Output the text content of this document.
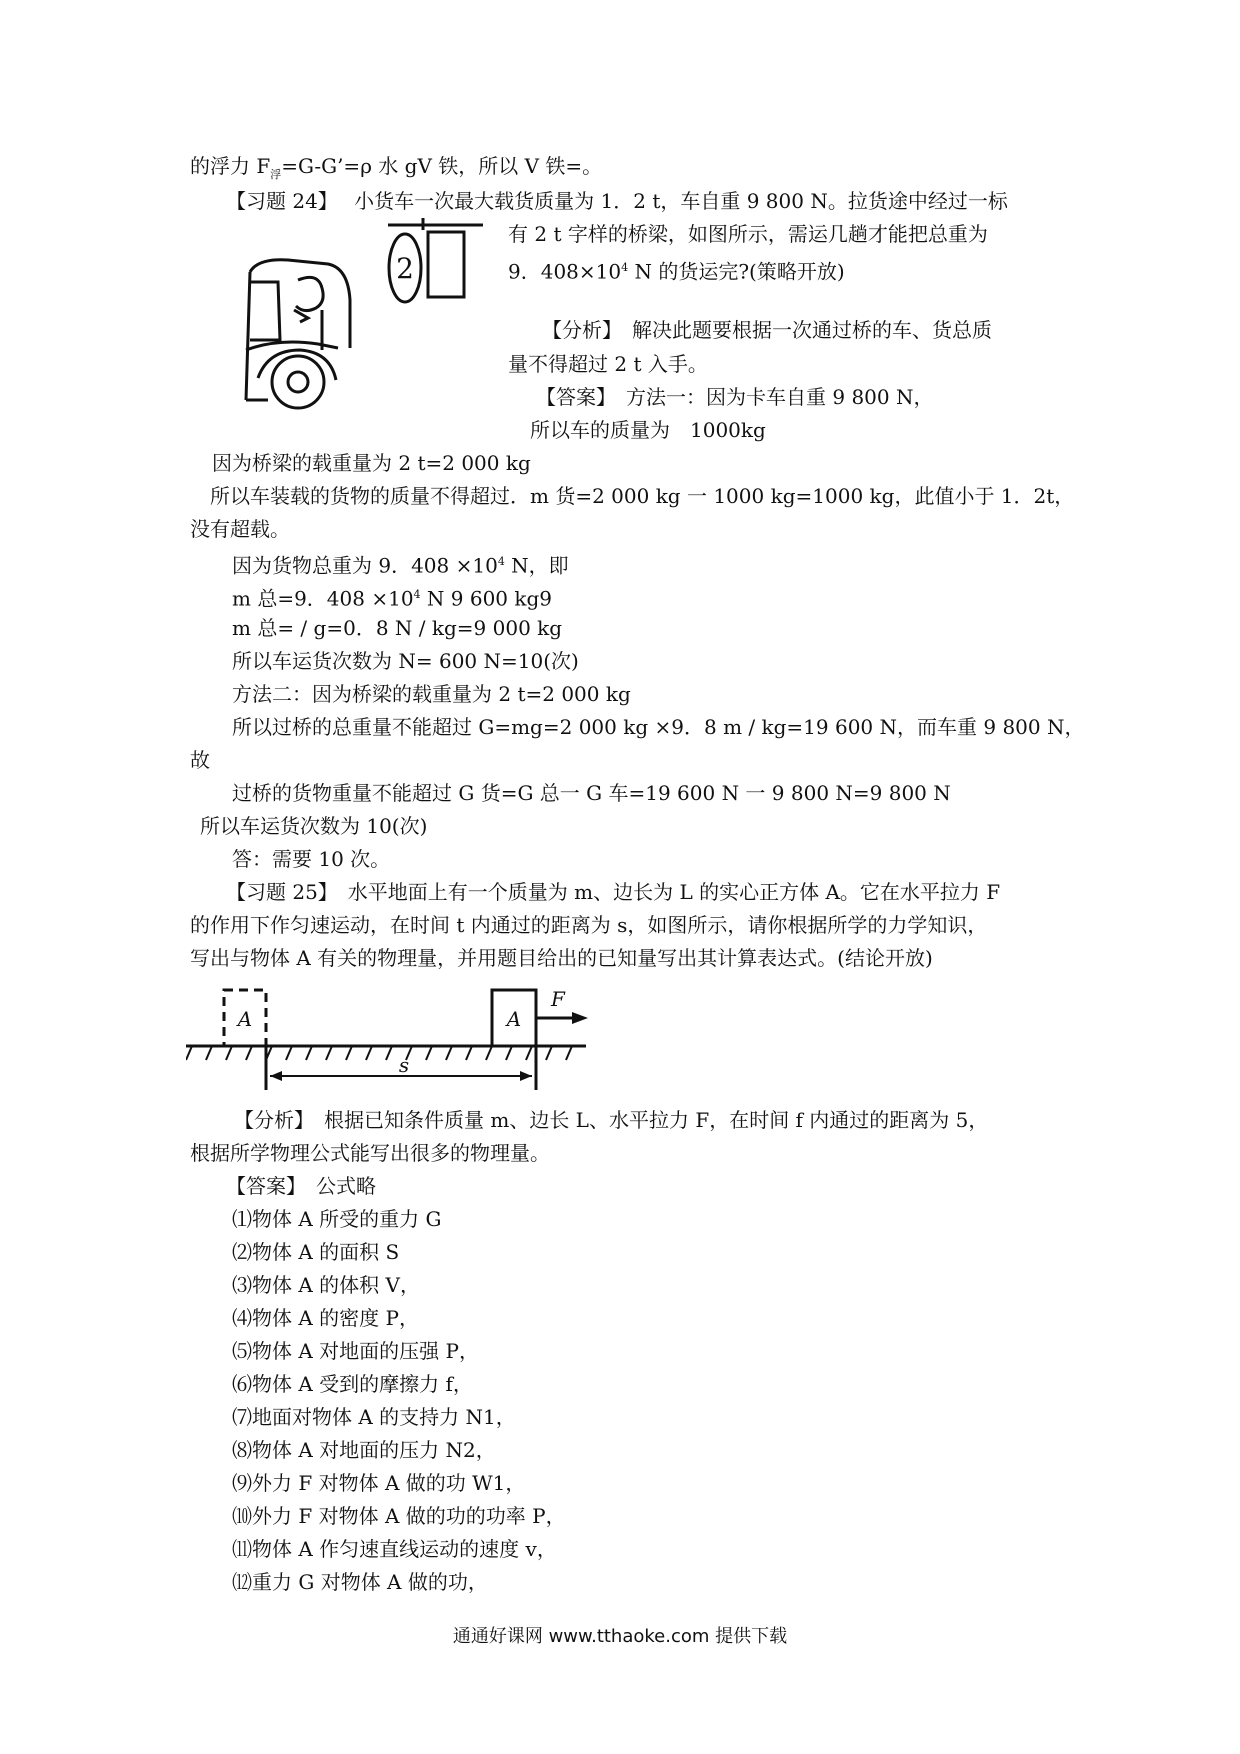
的浮力 $F_浮=G-G’=\rho$ 水 gV 铁，所以 V 铁=。
【习题 24】　 小货车一次最大载货质量为 1．2 t，车自重 9 800 N。拉货途中经过一标
有 2 t 字样的桥梁，如图所示，需运几趟才能把总重为
9．$408\times 10^4$ N 的货运完?(策略开放)
2
【分析】　解决此题要根据一次通过桥的车、货总质
量不得超过 2 t 入手。
【答案】　方法一：因为卡车自重 9 800 N，
所以车的质量为　1000kg
因为桥梁的载重量为 2 t=2 000 kg
所以车装载的货物的质量不得超过．m 货=2 000 kg 一 1000 kg=1000 kg，此值小于 1．2t，
没有超载。
因为货物总重为 9．$408 \times 10^4$ N，即
m 总=9．$408 \times 10^4$ N 9 600 kg9
m 总= / g=0．8 N / kg=9 000 kg
所以车运货次数为 N= 600 N=10(次)
方法二：因为桥梁的载重量为 2 t=2 000 kg
所以过桥的总重量不能超过 G=mg=2 000 kg ×9．8 m / kg=19 600 N，而车重 9 800 N，
故
过桥的货物重量不能超过 G 货=G 总一 G 车=19 600 N 一 9 800 N=9 800 N
所以车运货次数为 10(次)
答：需要 10 次。
【习题 25】　水平地面上有一个质量为 m、边长为 L 的实心正方体 A。它在水平拉力 F
的作用下作匀速运动，在时间 t 内通过的距离为 s，如图所示，请你根据所学的力学知识，
写出与物体 A 有关的物理量，并用题目给出的已知量写出其计算表达式。(结论开放)
A	A
F
s
【分析】　根据已知条件质量 m、边长 L、水平拉力 F，在时间 f 内通过的距离为 5，
根据所学物理公式能写出很多的物理量。
【答案】　公式略
⑴物体 A 所受的重力 G
⑵物体 A 的面积 S
⑶物体 A 的体积 V，
⑷物体 A 的密度 P，
⑸物体 A 对地面的压强 P，
⑹物体 A 受到的摩擦力 f，
⑺地面对物体 A 的支持力 N1，
⑻物体 A 对地面的压力 N2，
⑼外力 F 对物体 A 做的功 W1，
⑽外力 F 对物体 A 做的功的功率 P，
⑾物体 A 作匀速直线运动的速度 v，
⑿重力 G 对物体 A 做的功，
通通好课网 www.tthaoke.com 提供下载
